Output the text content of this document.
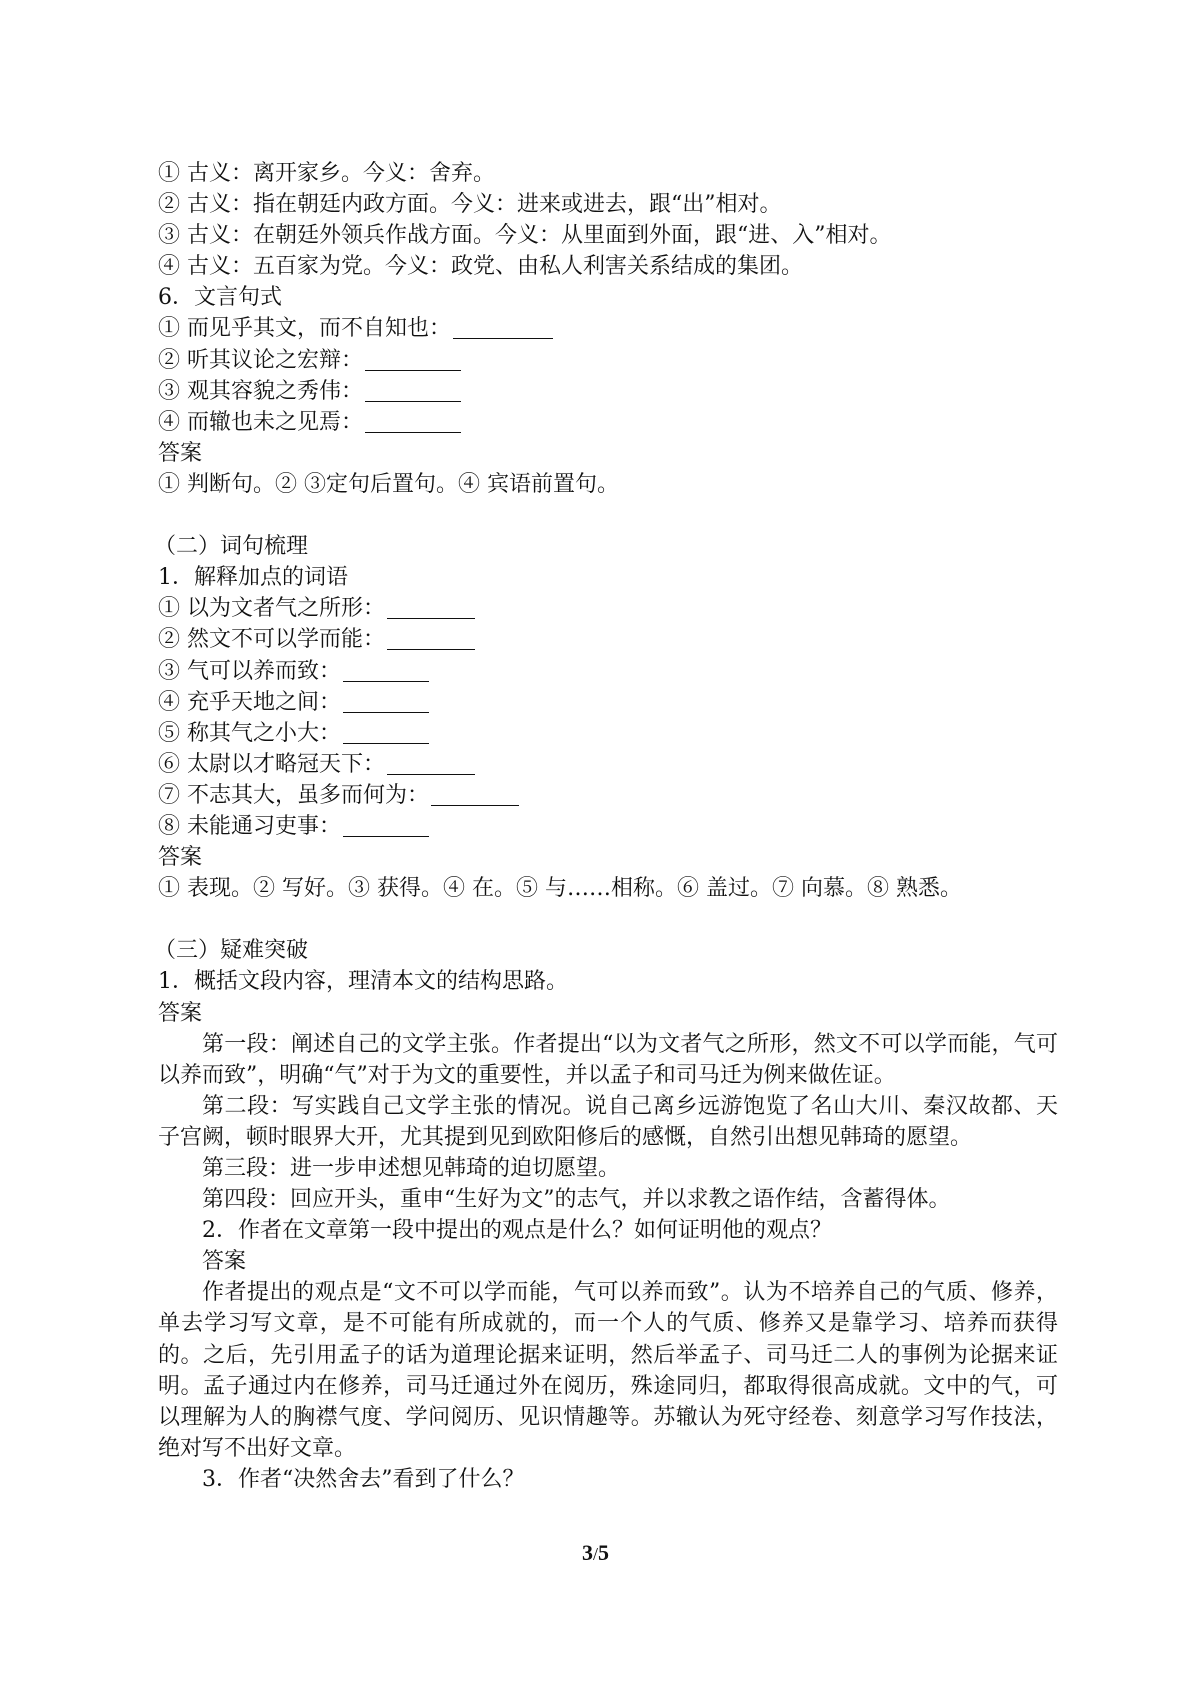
① 古义：离开家乡。今义：舍弃。
② 古义：指在朝廷内政方面。今义：进来或进去，跟“出”相对。
③ 古义：在朝廷外领兵作战方面。今义：从里面到外面，跟“进、入”相对。
④ 古义：五百家为党。今义：政党、由私人利害关系结成的集团。
6．文言句式
① 而见乎其文，而不自知也：
② 听其议论之宏辩：
③ 观其容貌之秀伟：
④ 而辙也未之见焉：
答案
① 判断句。② ③定句后置句。④ 宾语前置句。
（二）词句梳理
1．解释加点的词语
① 以为文者气之所形：
② 然文不可以学而能：
③ 气可以养而致：
④ 充乎天地之间：
⑤ 称其气之小大：
⑥ 太尉以才略冠天下：
⑦ 不志其大，虽多而何为：
⑧ 未能通习吏事：
答案
① 表现。② 写好。③ 获得。④ 在。⑤ 与……相称。⑥ 盖过。⑦ 向慕。⑧ 熟悉。
（三）疑难突破
1．概括文段内容，理清本文的结构思路。
答案
第一段：阐述自己的文学主张。作者提出“以为文者气之所形，然文不可以学而能，气可以养而致”，明确“气”对于为文的重要性，并以孟子和司马迁为例来做佐证。
第二段：写实践自己文学主张的情况。说自己离乡远游饱览了名山大川、秦汉故都、天子宫阙，顿时眼界大开，尤其提到见到欧阳修后的感慨，自然引出想见韩琦的愿望。
第三段：进一步申述想见韩琦的迫切愿望。
第四段：回应开头，重申“生好为文”的志气，并以求教之语作结，含蓄得体。
2．作者在文章第一段中提出的观点是什么？如何证明他的观点？
答案
作者提出的观点是“文不可以学而能，气可以养而致”。认为不培养自己的气质、修养，单去学习写文章，是不可能有所成就的，而一个人的气质、修养又是靠学习、培养而获得的。之后，先引用孟子的话为道理论据来证明，然后举孟子、司马迁二人的事例为论据来证明。孟子通过内在修养，司马迁通过外在阅历，殊途同归，都取得很高成就。文中的气，可以理解为人的胸襟气度、学问阅历、见识情趣等。苏辙认为死守经卷、刻意学习写作技法，绝对写不出好文章。
3．作者“决然舍去”看到了什么？
3/5
